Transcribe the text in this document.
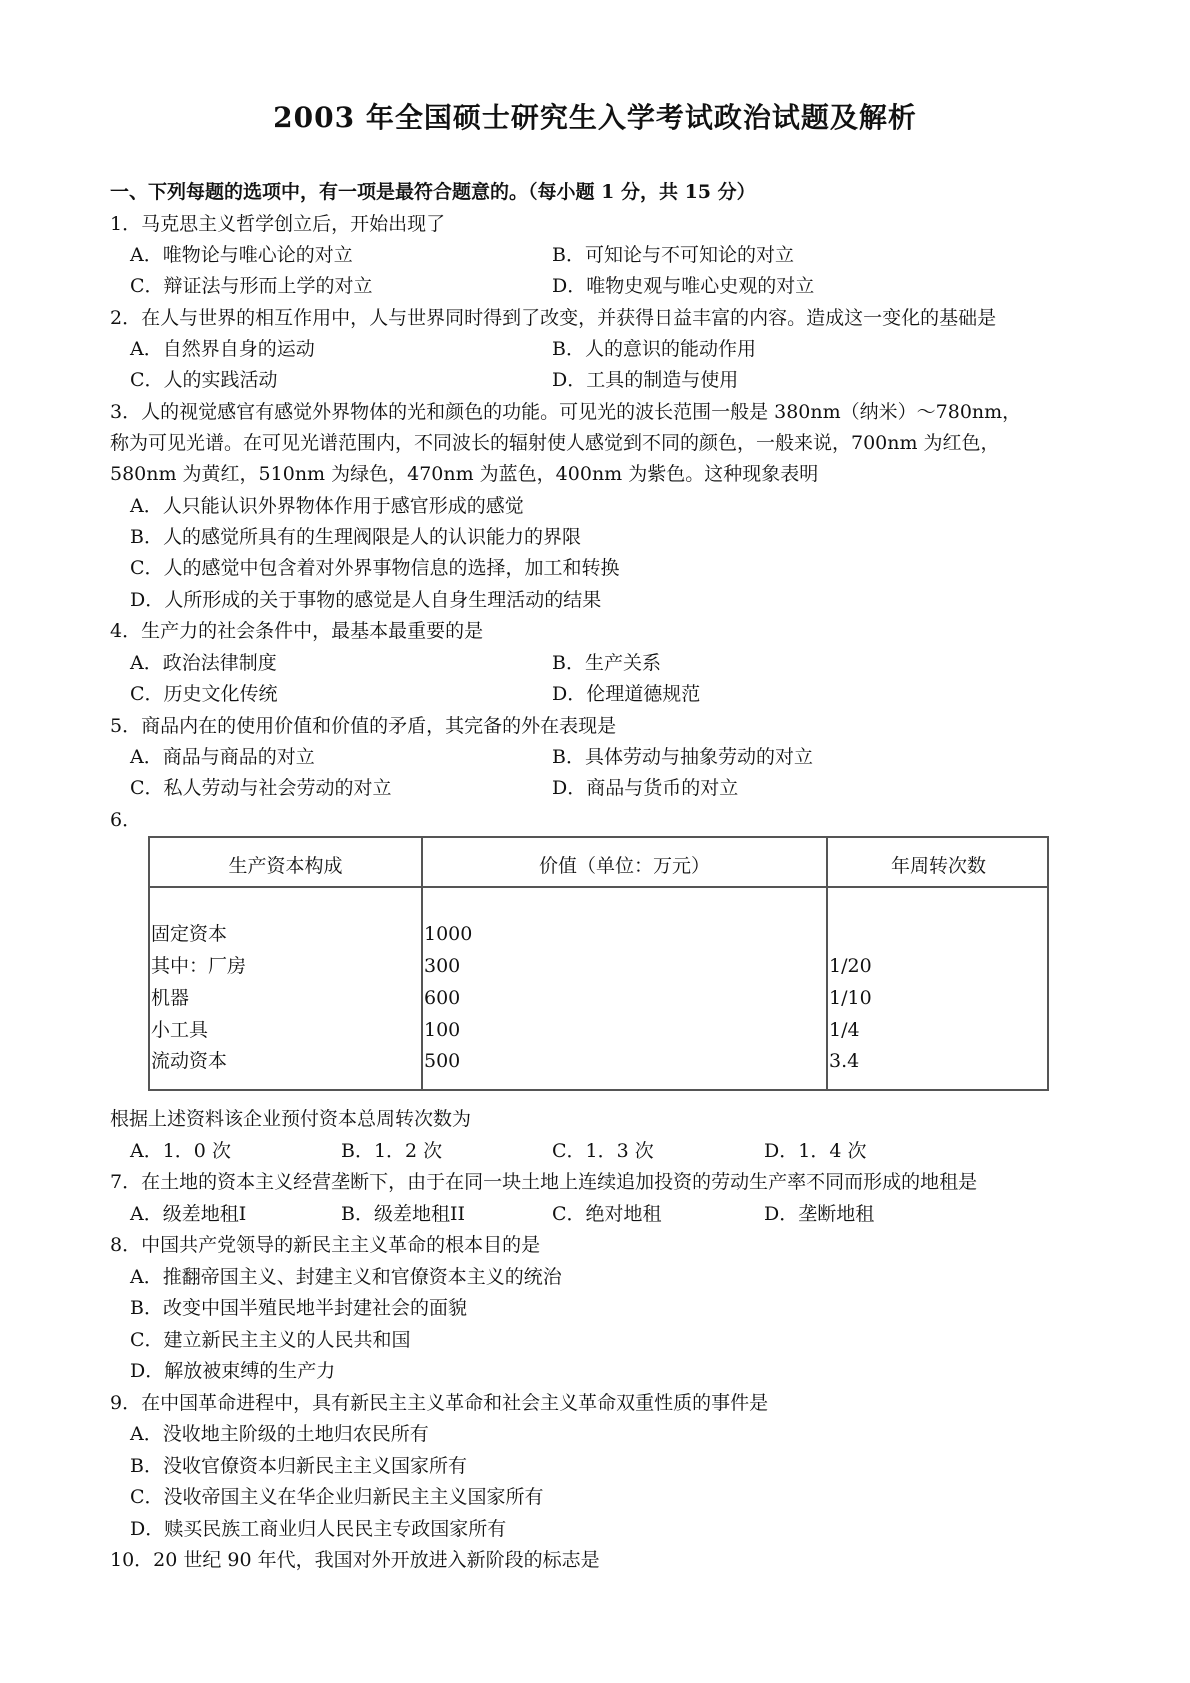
2003 年全国硕士研究生入学考试政治试题及解析
一、下列每题的选项中，有一项是最符合题意的。（每小题 1 分，共 15 分）
1．马克思主义哲学创立后，开始出现了
A．唯物论与唯心论的对立	B．可知论与不可知论的对立
C．辩证法与形而上学的对立	D．唯物史观与唯心史观的对立
2．在人与世界的相互作用中，人与世界同时得到了改变，并获得日益丰富的内容。造成这一变化的基础是
A．自然界自身的运动	B．人的意识的能动作用
C．人的实践活动	D．工具的制造与使用
3．人的视觉感官有感觉外界物体的光和颜色的功能。可见光的波长范围一般是 380nm（纳米）～780nm，
称为可见光谱。在可见光谱范围内，不同波长的辐射使人感觉到不同的颜色，一般来说，700nm 为红色，
580nm 为黄红，510nm 为绿色，470nm 为蓝色，400nm 为紫色。这种现象表明
A．人只能认识外界物体作用于感官形成的感觉
B．人的感觉所具有的生理阀限是人的认识能力的界限
C．人的感觉中包含着对外界事物信息的选择，加工和转换
D．人所形成的关于事物的感觉是人自身生理活动的结果
4．生产力的社会条件中，最基本最重要的是
A．政治法律制度	B．生产关系
C．历史文化传统	D．伦理道德规范
5．商品内在的使用价值和价值的矛盾，其完备的外在表现是
A．商品与商品的对立	B．具体劳动与抽象劳动的对立
C．私人劳动与社会劳动的对立	D．商品与货币的对立
6．
生产资本构成	价值（单位：万元）	年周转次数
固定资本	1000
其中：厂房	300	1/20
机器	600	1/10
小工具	100	1/4
流动资本	500	3.4
根据上述资料该企业预付资本总周转次数为
A．1．0 次	B．1．2 次	C．1．3 次	D．1．4 次
7．在土地的资本主义经营垄断下，由于在同一块土地上连续追加投资的劳动生产率不同而形成的地租是
A．级差地租I	B．级差地租II	C．绝对地租	D．垄断地租
8．中国共产党领导的新民主主义革命的根本目的是
A．推翻帝国主义、封建主义和官僚资本主义的统治
B．改变中国半殖民地半封建社会的面貌
C．建立新民主主义的人民共和国
D．解放被束缚的生产力
9．在中国革命进程中，具有新民主主义革命和社会主义革命双重性质的事件是
A．没收地主阶级的土地归农民所有
B．没收官僚资本归新民主主义国家所有
C．没收帝国主义在华企业归新民主主义国家所有
D．赎买民族工商业归人民民主专政国家所有
10．20 世纪 90 年代，我国对外开放进入新阶段的标志是
